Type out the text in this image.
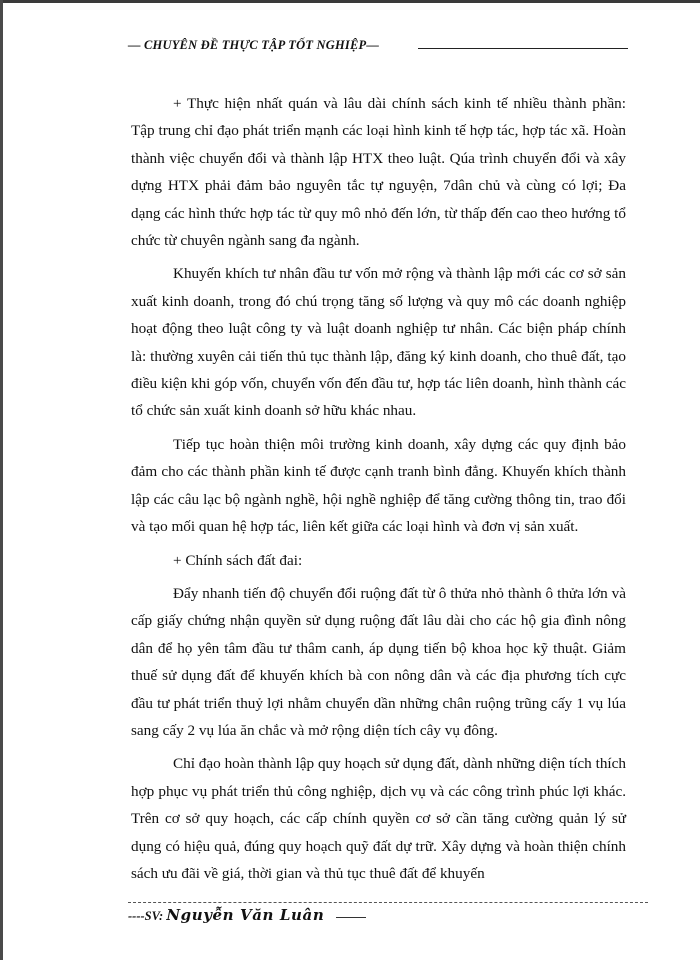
— CHUYÊN ĐỀ THỰC TẬP TỐT NGHIỆP—

+ Thực hiện nhất quán và lâu dài chính sách kinh tế nhiều thành phần: Tập trung chỉ đạo phát triển mạnh các loại hình kinh tế hợp tác, hợp tác xã. Hoàn thành việc chuyển đổi và thành lập HTX theo luật. Qúa trình chuyển đổi và xây dựng HTX phải đảm bảo nguyên tắc tự nguyện, 7dân chủ và cùng có lợi; Đa dạng các hình thức hợp tác từ quy mô nhỏ đến lớn, từ thấp đến cao theo hướng tổ chức từ chuyên ngành sang đa ngành.

Khuyến khích tư nhân đầu tư vốn mở rộng và thành lập mới các cơ sở sản xuất kinh doanh, trong đó chú trọng tăng số lượng và quy mô các doanh nghiệp hoạt động theo luật công ty và luật doanh nghiệp tư nhân. Các biện pháp chính là: thường xuyên cải tiến thủ tục thành lập, đăng ký kinh doanh, cho thuê đất, tạo điều kiện khi góp vốn, chuyển vốn đến đầu tư, hợp tác liên doanh, hình thành các tổ chức sản xuất kinh doanh sở hữu khác nhau.

Tiếp tục hoàn thiện môi trường kinh doanh, xây dựng các quy định bảo đảm cho các thành phần kinh tế được cạnh tranh bình đẳng. Khuyến khích thành lập các câu lạc bộ ngành nghề, hội nghề nghiệp để tăng cường thông tin, trao đổi và tạo mối quan hệ hợp tác, liên kết giữa các loại hình và đơn vị sản xuất.

+ Chính sách đất đai:

Đẩy nhanh tiến độ chuyển đổi ruộng đất từ ô thửa nhỏ thành ô thửa lớn và cấp giấy chứng nhận quyền sử dụng ruộng đất lâu dài cho các hộ gia đình nông dân để họ yên tâm đầu tư thâm canh, áp dụng tiến bộ khoa học kỹ thuật. Giảm thuế sử dụng đất để khuyến khích bà con nông dân và các địa phương tích cực đầu tư phát triển thuỷ lợi nhằm chuyển dần những chân ruộng trũng cấy 1 vụ lúa sang cấy 2 vụ lúa ăn chắc và mở rộng diện tích cây vụ đông.

Chỉ đạo hoàn thành lập quy hoạch sử dụng đất, dành những diện tích thích hợp phục vụ phát triển thủ công nghiệp, dịch vụ và các công trình phúc lợi khác. Trên cơ sở quy hoạch, các cấp chính quyền cơ sở cần tăng cường quản lý sử dụng có hiệu quả, đúng quy hoạch quỹ đất dự trữ. Xây dựng và hoàn thiện chính sách ưu đãi về giá, thời gian và thủ tục thuê đất để khuyến

----SV: Nguyễn Văn Luân
